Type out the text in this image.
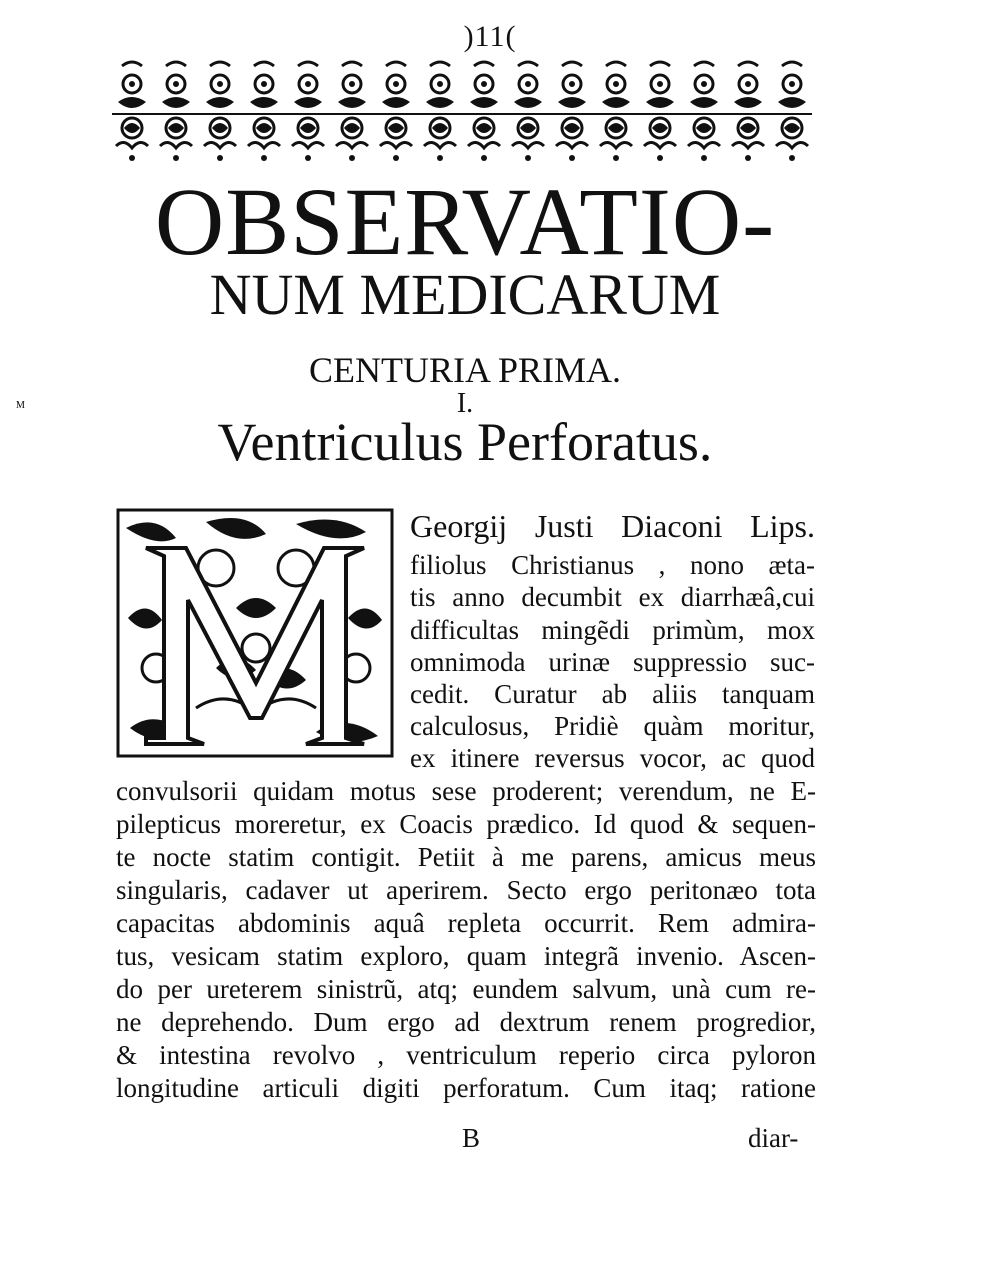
)11(
OBSERVATIO-
NUM MEDICARUM
CENTURIA PRIMA.
I.
Ventriculus Perforatus.
M
Georgij Justi Diaconi Lips.
filiolus Christianus , nono æta-
tis anno decumbit ex diarrhæâ,cui
difficultas mingẽdi primùm, mox
omnimoda urinæ suppressio suc-
cedit. Curatur ab aliis tanquam
calculosus, Pridiè quàm moritur,
ex itinere reversus vocor, ac quod
convulsorii quidam motus sese proderent; verendum, ne E-
pilepticus moreretur, ex Coacis prædico. Id quod & sequen-
te nocte statim contigit. Petiit à me parens, amicus meus
singularis, cadaver ut aperirem. Secto ergo peritonæo tota
capacitas abdominis aquâ repleta occurrit. Rem admira-
tus, vesicam statim exploro, quam integrã invenio. Ascen-
do per ureterem sinistrũ, atq; eundem salvum, unà cum re-
ne deprehendo. Dum ergo ad dextrum renem progredior,
& intestina revolvo , ventriculum reperio circa pyloron
longitudine articuli digiti perforatum. Cum itaq; ratione
B	diar-
